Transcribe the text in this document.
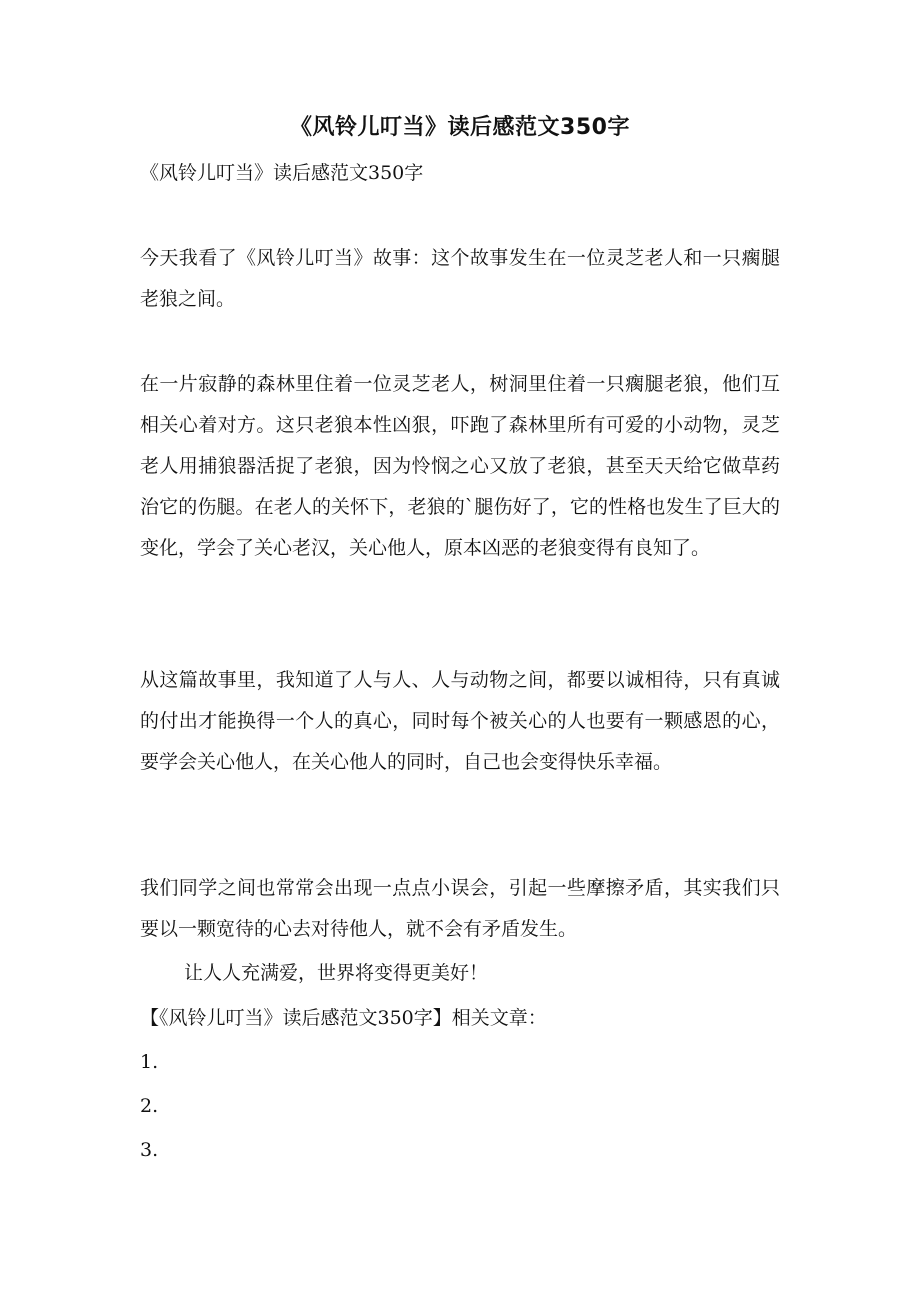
《风铃儿叮当》读后感范文350字
《风铃儿叮当》读后感范文350字
今天我看了《风铃儿叮当》故事：这个故事发生在一位灵芝老人和一只瘸腿老狼之间。
在一片寂静的森林里住着一位灵芝老人，树洞里住着一只瘸腿老狼，他们互相关心着对方。这只老狼本性凶狠，吓跑了森林里所有可爱的小动物，灵芝老人用捕狼器活捉了老狼，因为怜悯之心又放了老狼，甚至天天给它做草药治它的伤腿。在老人的关怀下，老狼的`腿伤好了，它的性格也发生了巨大的变化，学会了关心老汉，关心他人，原本凶恶的老狼变得有良知了。
从这篇故事里，我知道了人与人、人与动物之间，都要以诚相待，只有真诚的付出才能换得一个人的真心，同时每个被关心的人也要有一颗感恩的心，要学会关心他人，在关心他人的同时，自己也会变得快乐幸福。
我们同学之间也常常会出现一点点小误会，引起一些摩擦矛盾，其实我们只要以一颗宽待的心去对待他人，就不会有矛盾发生。
让人人充满爱，世界将变得更美好！
【《风铃儿叮当》读后感范文350字】相关文章：
1.
2.
3.
